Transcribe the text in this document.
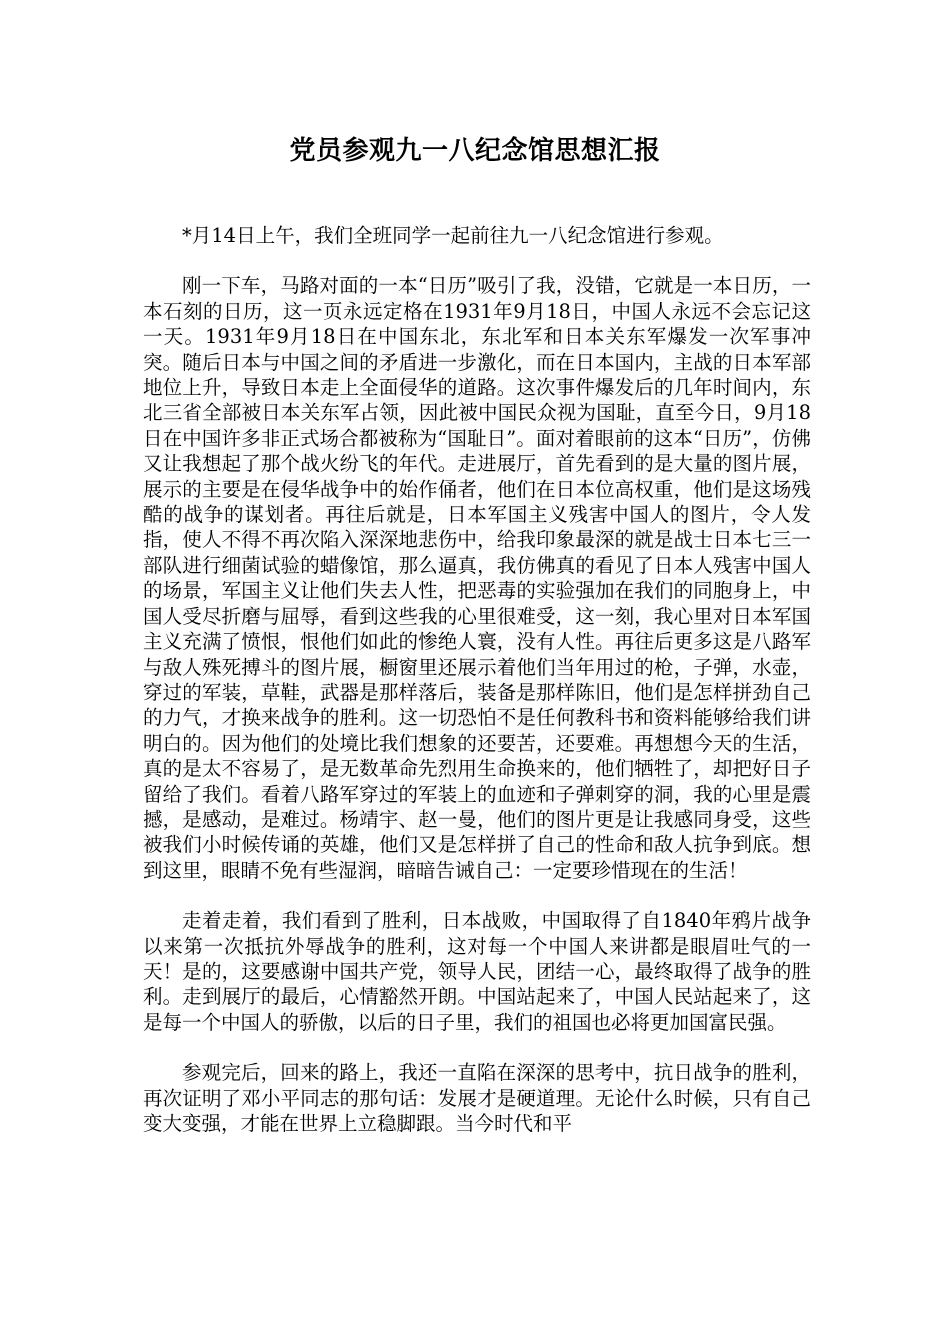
党员参观九一八纪念馆思想汇报

*月14日上午，我们全班同学一起前往九一八纪念馆进行参观。

刚一下车，马路对面的一本“日历”吸引了我，没错，它就是一本日历，一本石刻的日历，这一页永远定格在1931年9月18日，中国人永远不会忘记这一天。1931年9月18日在中国东北，东北军和日本关东军爆发一次军事冲突。随后日本与中国之间的矛盾进一步激化，而在日本国内，主战的日本军部地位上升，导致日本走上全面侵华的道路。这次事件爆发后的几年时间内，东北三省全部被日本关东军占领，因此被中国民众视为国耻，直至今日，9月18日在中国许多非正式场合都被称为“国耻日”。面对着眼前的这本“日历”，仿佛又让我想起了那个战火纷飞的年代。走进展厅，首先看到的是大量的图片展，展示的主要是在侵华战争中的始作俑者，他们在日本位高权重，他们是这场残酷的战争的谋划者。再往后就是，日本军国主义残害中国人的图片，令人发指，使人不得不再次陷入深深地悲伤中，给我印象最深的就是战士日本七三一部队进行细菌试验的蜡像馆，那么逼真，我仿佛真的看见了日本人残害中国人的场景，军国主义让他们失去人性，把恶毒的实验强加在我们的同胞身上，中国人受尽折磨与屈辱，看到这些我的心里很难受，这一刻，我心里对日本军国主义充满了愤恨，恨他们如此的惨绝人寰，没有人性。再往后更多这是八路军与敌人殊死搏斗的图片展，橱窗里还展示着他们当年用过的枪，子弹，水壶，穿过的军装，草鞋，武器是那样落后，装备是那样陈旧，他们是怎样拼劲自己的力气，才换来战争的胜利。这一切恐怕不是任何教科书和资料能够给我们讲明白的。因为他们的处境比我们想象的还要苦，还要难。再想想今天的生活，真的是太不容易了，是无数革命先烈用生命换来的，他们牺牲了，却把好日子留给了我们。看着八路军穿过的军装上的血迹和子弹刺穿的洞，我的心里是震撼，是感动，是难过。杨靖宇、赵一曼，他们的图片更是让我感同身受，这些被我们小时候传诵的英雄，他们又是怎样拼了自己的性命和敌人抗争到底。想到这里，眼睛不免有些湿润，暗暗告诫自己：一定要珍惜现在的生活！

走着走着，我们看到了胜利，日本战败，中国取得了自1840年鸦片战争以来第一次抵抗外辱战争的胜利，这对每一个中国人来讲都是眼眉吐气的一天！是的，这要感谢中国共产党，领导人民，团结一心，最终取得了战争的胜利。走到展厅的最后，心情豁然开朗。中国站起来了，中国人民站起来了，这是每一个中国人的骄傲，以后的日子里，我们的祖国也必将更加国富民强。

参观完后，回来的路上，我还一直陷在深深的思考中，抗日战争的胜利，再次证明了邓小平同志的那句话：发展才是硬道理。无论什么时候，只有自己变大变强，才能在世界上立稳脚跟。当今时代和平
